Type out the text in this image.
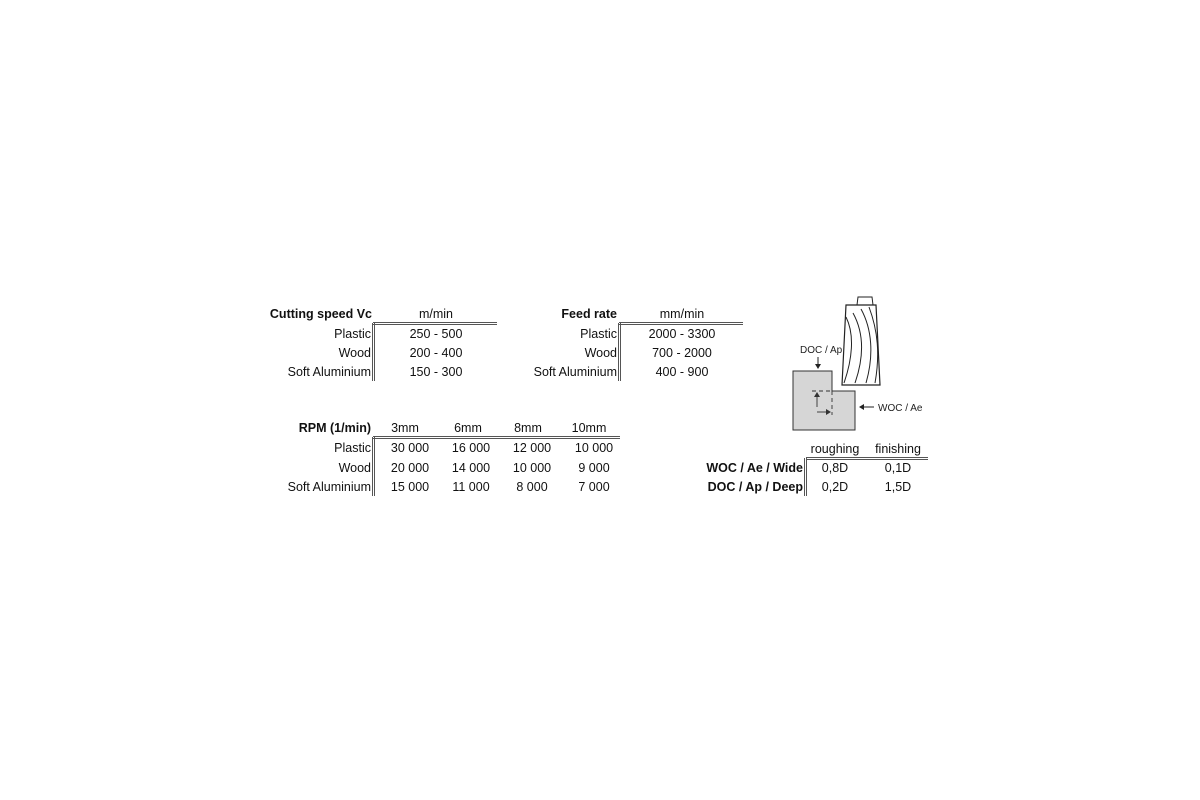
Cutting speed Vc	m/min
Plastic	250 - 500
Wood	200 - 400
Soft Aluminium	150 - 300
Feed rate	mm/min
Plastic	2000 - 3300
Wood	700 - 2000
Soft Aluminium	400 - 900
RPM (1/min)	3mm	6mm	8mm	10mm
Plastic	30 000	16 000	12 000	10 000
Wood	20 000	14 000	10 000	9 000
Soft Aluminium	15 000	11 000	8 000	7 000
DOC / Ap
WOC / Ae
roughing	finishing
WOC / Ae / Wide	0,8D	0,1D
DOC / Ap / Deep	0,2D	1,5D
